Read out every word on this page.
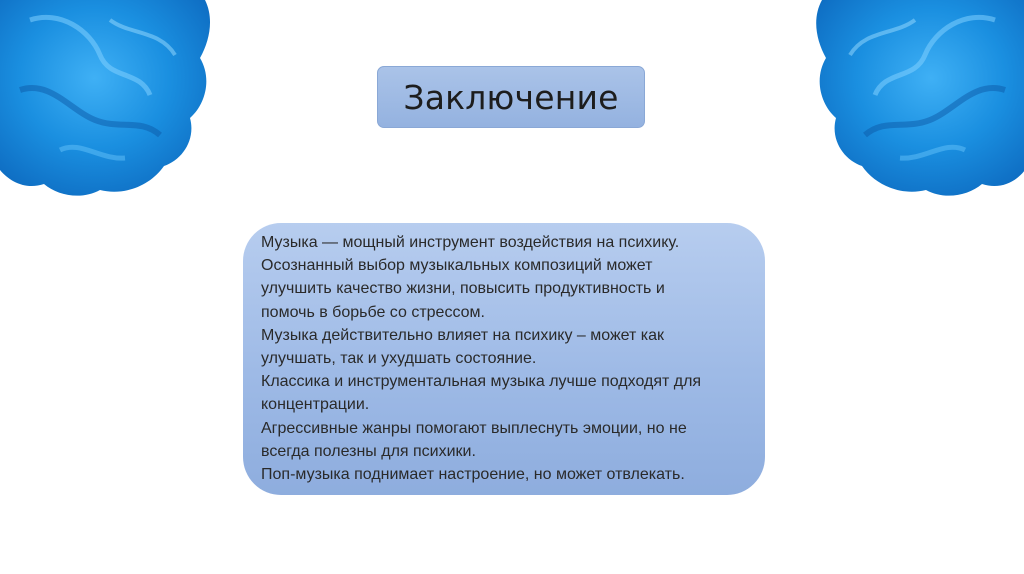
Заключение
Музыка — мощный инструмент воздействия на психику.
Осознанный выбор музыкальных композиций может
улучшить качество жизни, повысить продуктивность и
помочь в борьбе со стрессом.
Музыка действительно влияет на психику – может как
улучшать, так и ухудшать состояние.
Классика и инструментальная музыка лучше подходят для
концентрации.
Агрессивные жанры помогают выплеснуть эмоции, но не
всегда полезны для психики.
Поп-музыка поднимает настроение, но может отвлекать.
